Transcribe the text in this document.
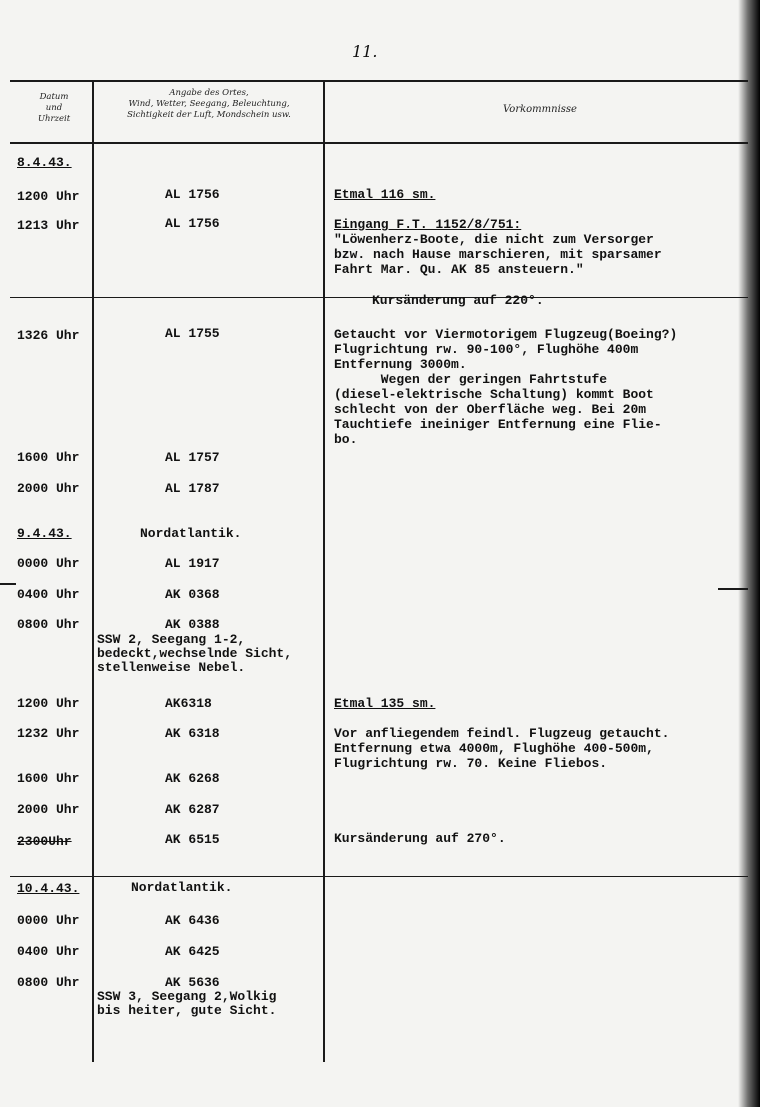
11.
Datum
und
Uhrzeit
Angabe des Ortes,
Wind, Wetter, Seegang, Beleuchtung,
Sichtigkeit der Luft, Mondschein usw.	Vorkommnisse
8.4.43.
1200 Uhr	AL 1756	Etmal 116 sm.
1213 Uhr	AL 1756	Eingang F.T. 1152/8/751:
"Löwenherz-Boote, die nicht zum Versorger
bzw. nach Hause marschieren, mit sparsamer
Fahrt Mar. Qu. AK 85 ansteuern."
Kursänderung auf 220°.
1326 Uhr	AL 1755	Getaucht vor Viermotorigem Flugzeug(Boeing?)
Flugrichtung rw. 90-100°, Flughöhe 400m
Entfernung 3000m.
Wegen der geringen Fahrtstufe
(diesel-elektrische Schaltung) kommt Boot
schlecht von der Oberfläche weg. Bei 20m
Tauchtiefe ineiniger Entfernung eine Flie-
bo.
1600 Uhr	AL 1757
2000 Uhr	AL 1787
9.4.43.	Nordatlantik.
0000 Uhr	AL 1917
0400 Uhr	AK 0368
0800 Uhr	AK 0388
SSW 2, Seegang 1-2,
bedeckt,wechselnde Sicht,
stellenweise Nebel.
1200 Uhr	AK6318	Etmal 135 sm.
1232 Uhr	AK 6318	Vor anfliegendem feindl. Flugzeug getaucht.
Entfernung etwa 4000m, Flughöhe 400-500m,
Flugrichtung rw. 70. Keine Fliebos.
1600 Uhr	AK 6268
2000 Uhr	AK 6287
2300Uhr	AK 6515	Kursänderung auf 270°.
10.4.43.	Nordatlantik.
0000 Uhr	AK 6436
0400 Uhr	AK 6425
0800 Uhr	AK 5636
SSW 3, Seegang 2,Wolkig
bis heiter, gute Sicht.
